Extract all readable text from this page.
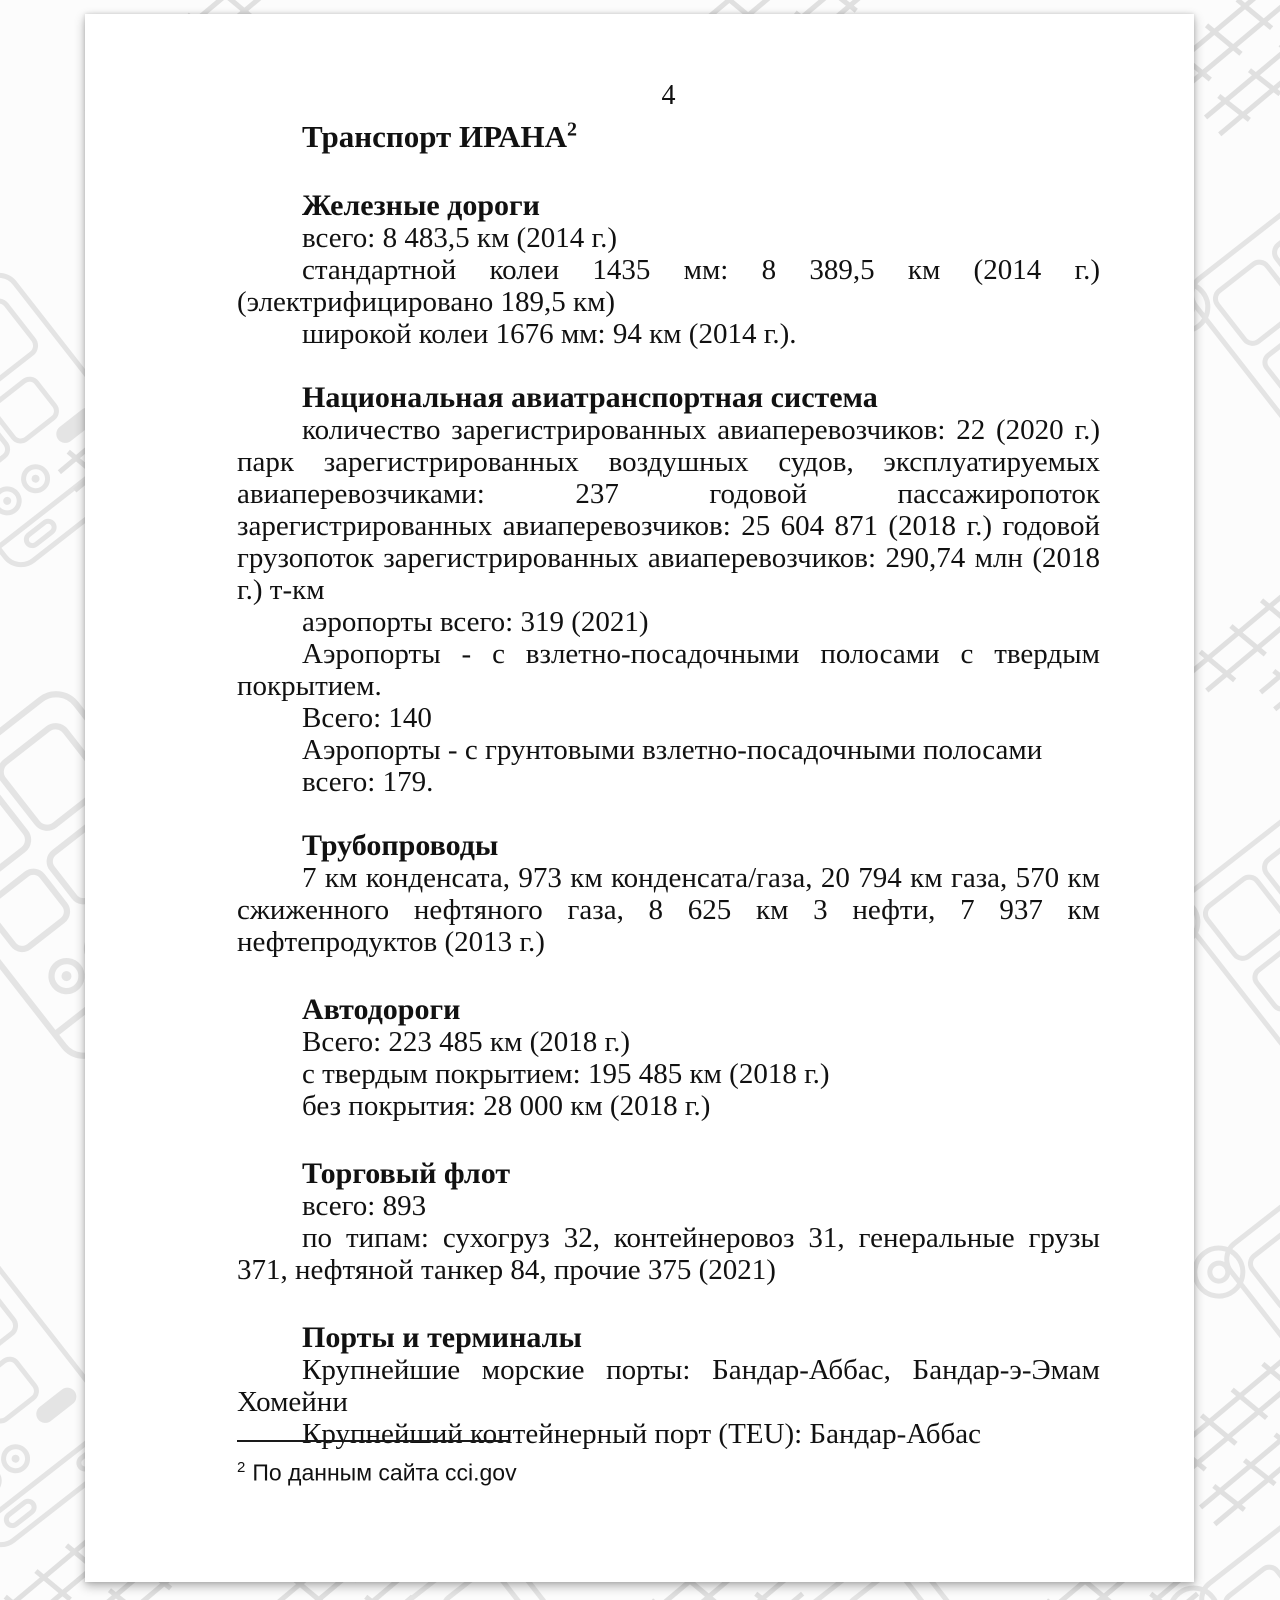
4
Транспорт ИРАНА$^2$
Железные дороги

всего: 8 483,5 км (2014 г.)

стандартной колеи 1435 мм: 8 389,5 км (2014 г.) (электрифицировано 189,5 км)

широкой колеи 1676 мм: 94 км (2014 г.).

Национальная авиатранспортная система

количество зарегистрированных авиаперевозчиков: 22 (2020 г.) парк зарегистрированных воздушных судов, эксплуатируемых авиаперевозчиками: 237 годовой пассажиропоток зарегистрированных авиаперевозчиков: 25 604 871 (2018 г.) годовой грузопоток зарегистрированных авиаперевозчиков: 290,74 млн (2018 г.) т-км

аэропорты всего: 319 (2021)

Аэропорты - с взлетно-посадочными полосами с твердым покрытием.

Всего: 140

Аэропорты - с грунтовыми взлетно-посадочными полосами

всего: 179.

Трубопроводы

7 км конденсата, 973 км конденсата/газа, 20 794 км газа, 570 км сжиженного нефтяного газа, 8 625 км 3 нефти, 7 937 км нефтепродуктов (2013 г.)

Автодороги

Всего: 223 485 км (2018 г.)

с твердым покрытием: 195 485 км (2018 г.)

без покрытия: 28 000 км (2018 г.)

Торговый флот

всего: 893

по типам: сухогруз 32, контейнеровоз 31, генеральные грузы 371, нефтяной танкер 84, прочие 375 (2021)

Порты и терминалы

Крупнейшие морские порты: Бандар-Аббас, Бандар-э-Эмам Хомейни

Крупнейший контейнерный порт (TEU): Бандар-Аббас

$^2$ По данным сайта cci.gov
